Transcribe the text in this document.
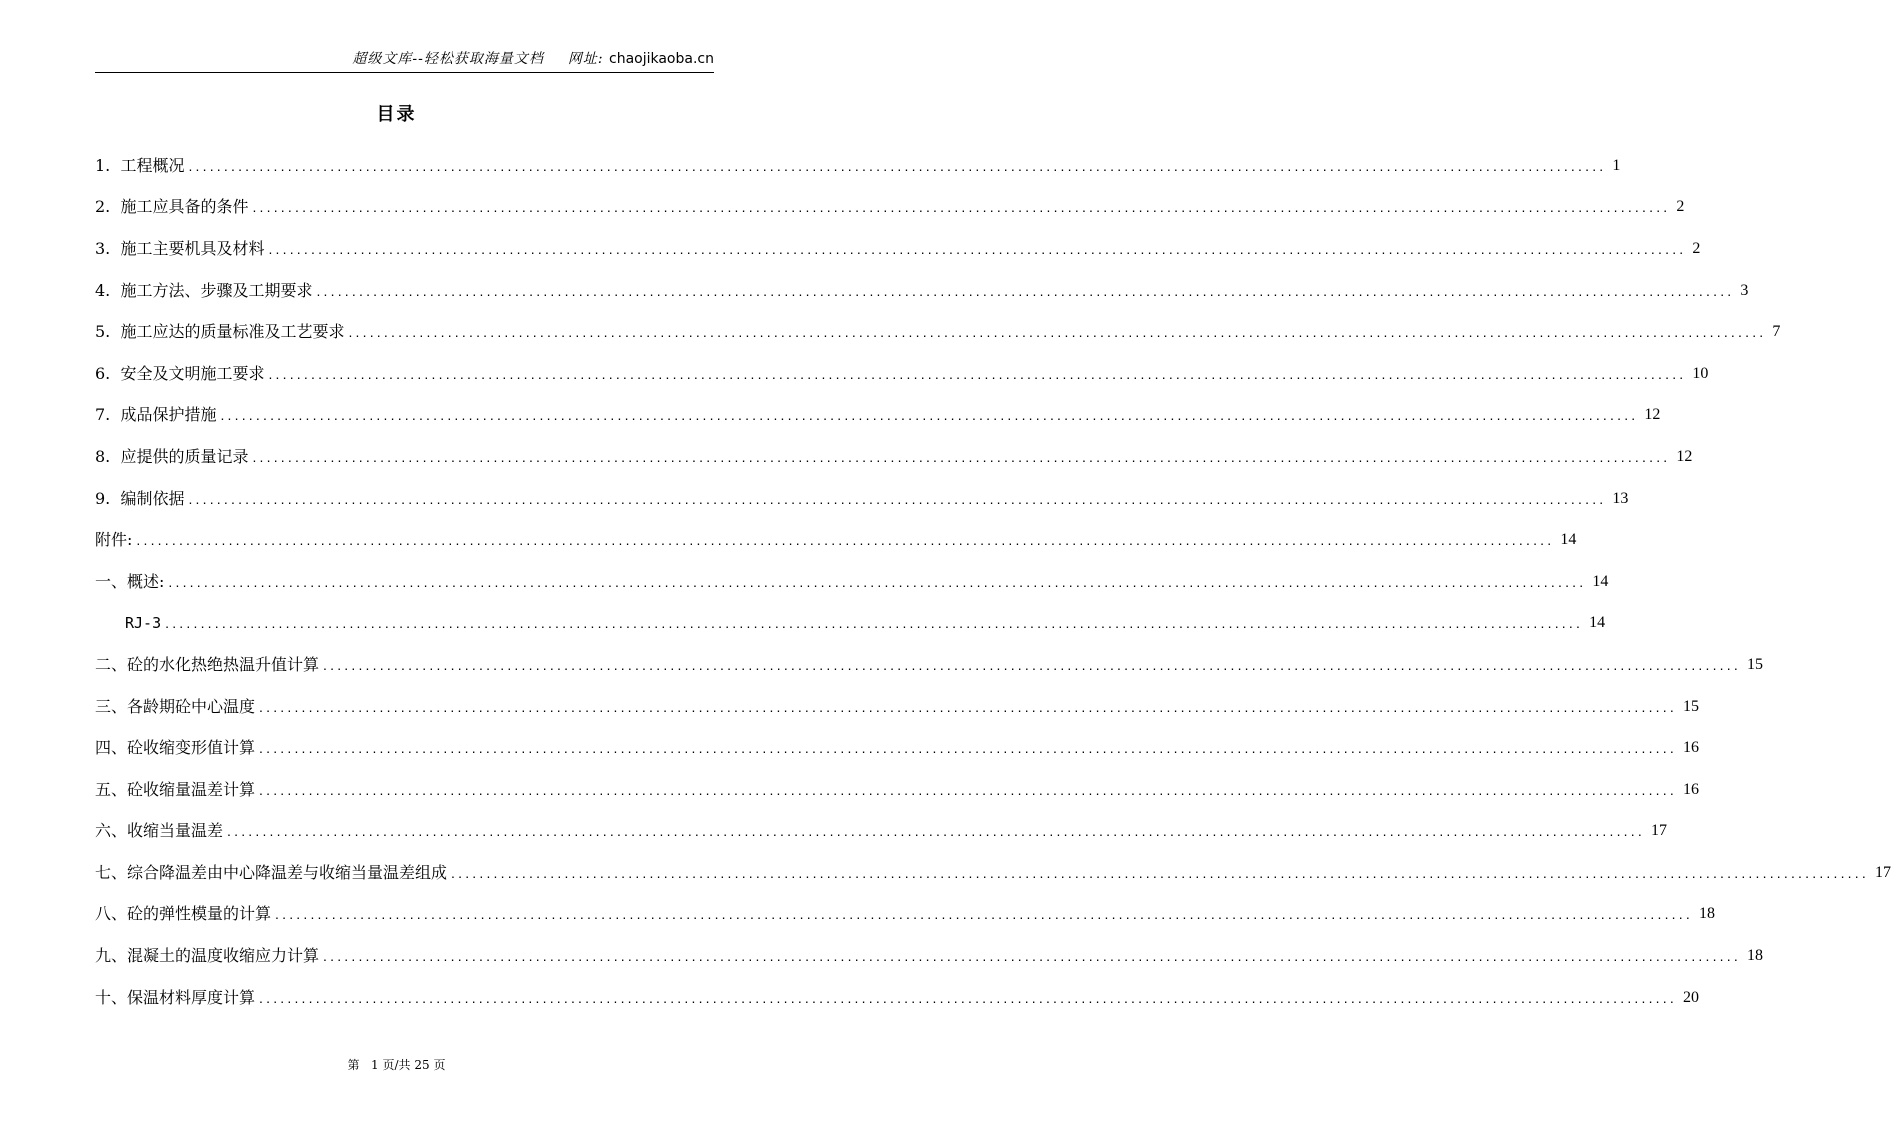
超级文库--轻松获取海量文档 网址: chaojikaoba.cn
目录
1. 工程概况 ........................................................................................................................................................................................................ 1
2. 施工应具备的条件 ........................................................................................................................................................................................................ 2
3. 施工主要机具及材料 ........................................................................................................................................................................................................ 2
4. 施工方法、步骤及工期要求 ........................................................................................................................................................................................................ 3
5. 施工应达的质量标准及工艺要求 ........................................................................................................................................................................................................ 7
6. 安全及文明施工要求 ........................................................................................................................................................................................................ 10
7. 成品保护措施 ........................................................................................................................................................................................................ 12
8. 应提供的质量记录 ........................................................................................................................................................................................................ 12
9. 编制依据 ........................................................................................................................................................................................................ 13
附件: ........................................................................................................................................................................................................ 14
一、概述: ........................................................................................................................................................................................................ 14
RJ-3 ........................................................................................................................................................................................................ 14
二、砼的水化热绝热温升值计算 ........................................................................................................................................................................................................ 15
三、各龄期砼中心温度 ........................................................................................................................................................................................................ 15
四、砼收缩变形值计算 ........................................................................................................................................................................................................ 16
五、砼收缩量温差计算 ........................................................................................................................................................................................................ 16
六、收缩当量温差 ........................................................................................................................................................................................................ 17
七、综合降温差由中心降温差与收缩当量温差组成 ........................................................................................................................................................................................................ 17
八、砼的弹性模量的计算 ........................................................................................................................................................................................................ 18
九、混凝土的温度收缩应力计算 ........................................................................................................................................................................................................ 18
十、保温材料厚度计算 ........................................................................................................................................................................................................ 20
第 1 页/共 25 页
